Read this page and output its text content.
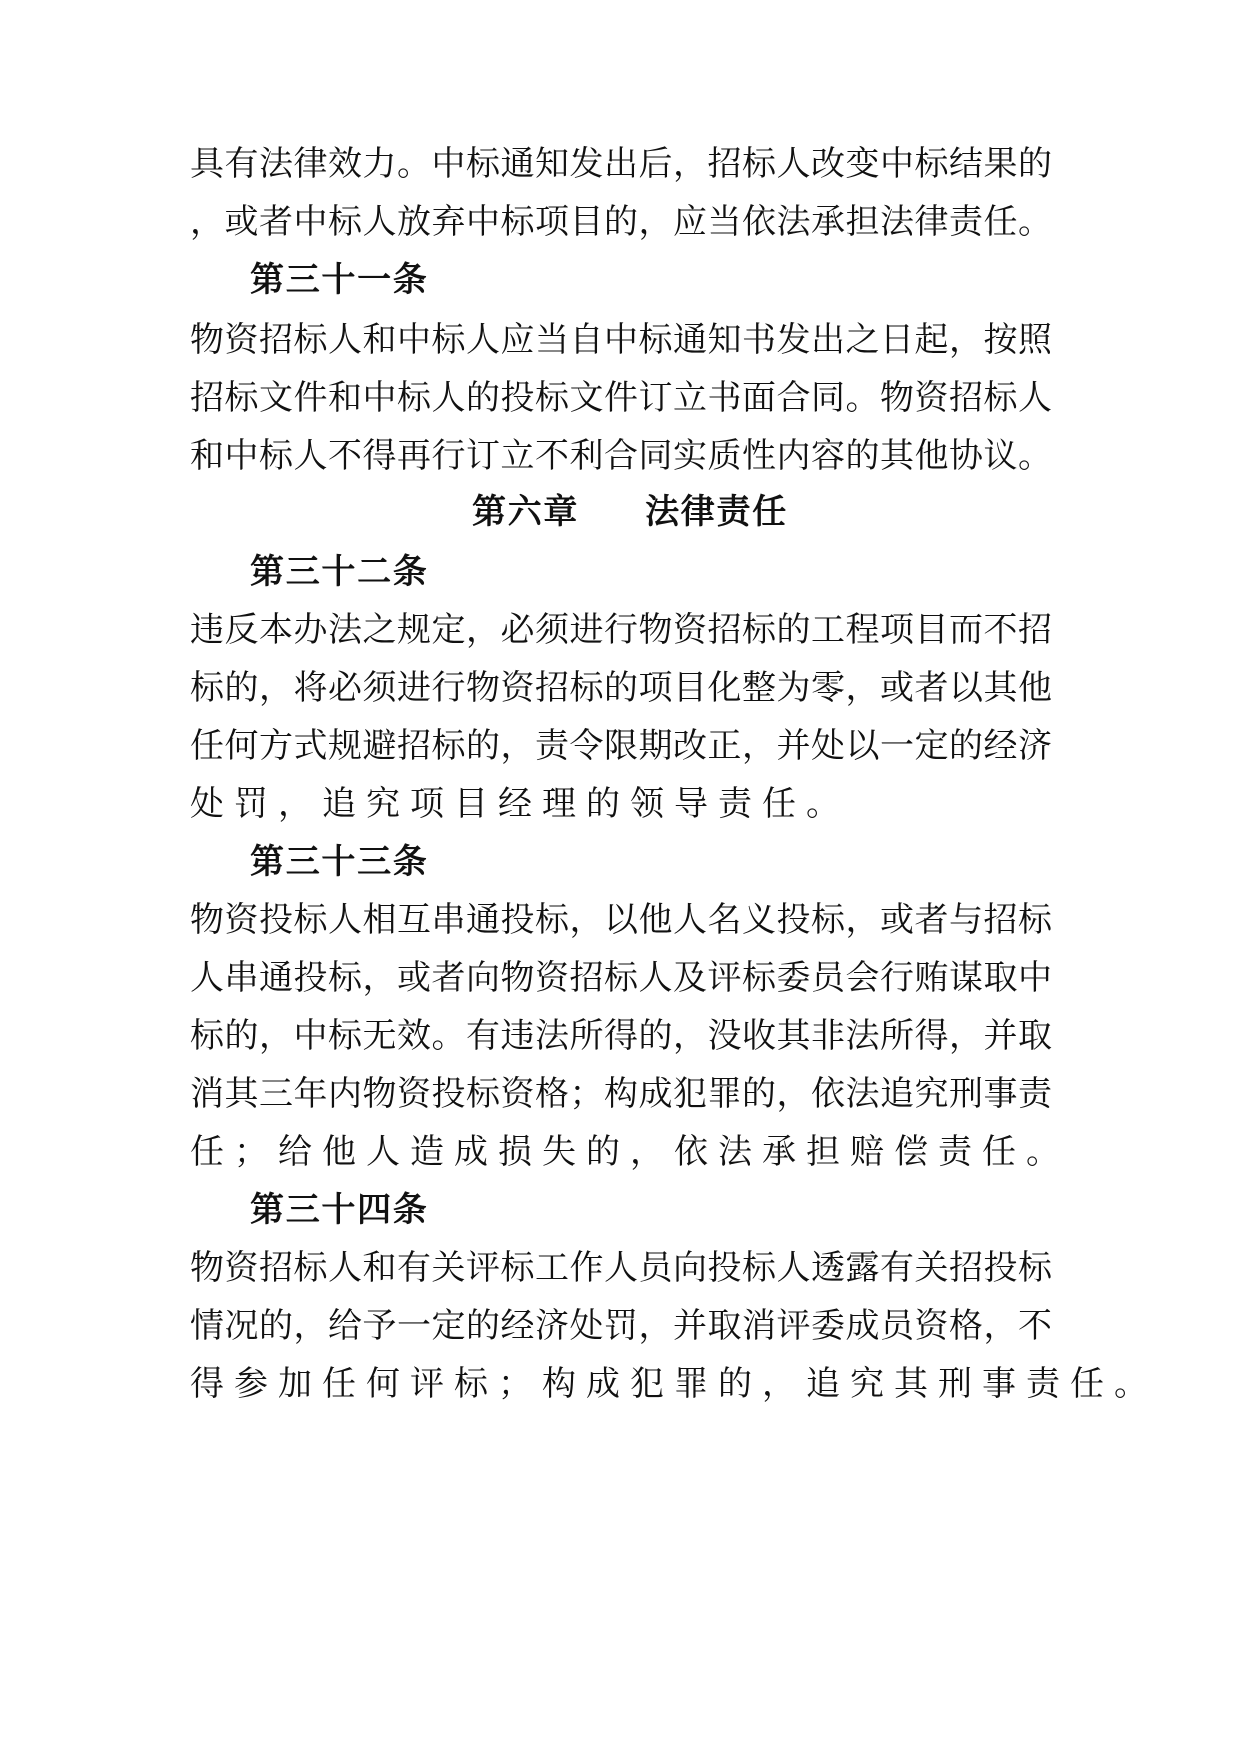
具有法律效力。中标通知发出后，招标人改变中标结果的
，或者中标人放弃中标项目的，应当依法承担法律责任。
第三十一条
物资招标人和中标人应当自中标通知书发出之日起，按照
招标文件和中标人的投标文件订立书面合同。物资招标人
和中标人不得再行订立不利合同实质性内容的其他协议。
第六章 法律责任
第三十二条
违反本办法之规定，必须进行物资招标的工程项目而不招
标的，将必须进行物资招标的项目化整为零，或者以其他
任何方式规避招标的，责令限期改正，并处以一定的经济
处罚，追究项目经理的领导责任。
第三十三条
物资投标人相互串通投标，以他人名义投标，或者与招标
人串通投标，或者向物资招标人及评标委员会行贿谋取中
标的，中标无效。有违法所得的，没收其非法所得，并取
消其三年内物资投标资格；构成犯罪的，依法追究刑事责
任；给他人造成损失的，依法承担赔偿责任。
第三十四条
物资招标人和有关评标工作人员向投标人透露有关招投标
情况的，给予一定的经济处罚，并取消评委成员资格，不
得参加任何评标；构成犯罪的，追究其刑事责任。
